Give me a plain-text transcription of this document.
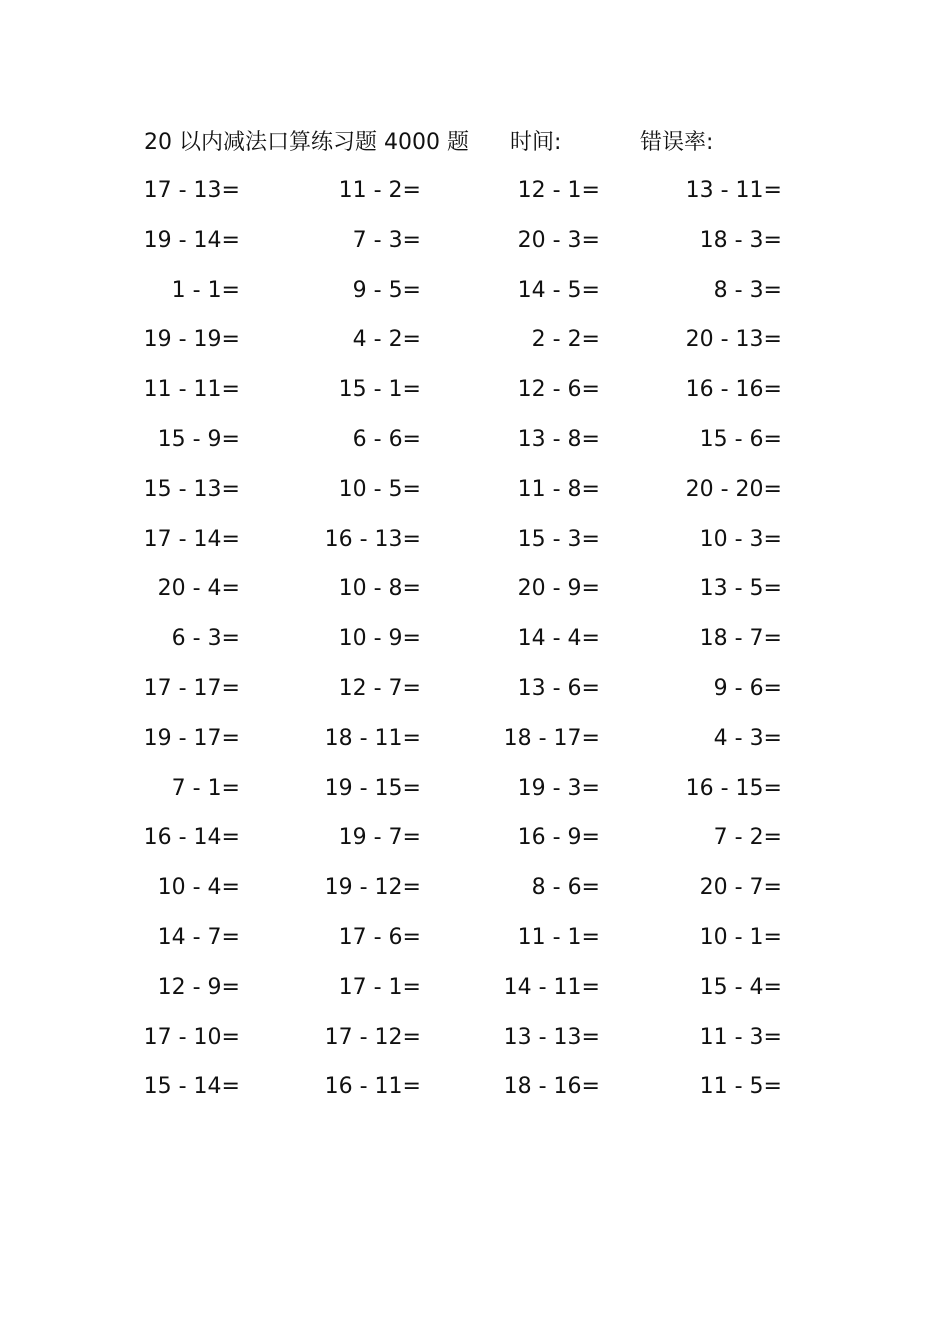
20 以内减法口算练习题 4000 题 时间:	错误率:
17 - 13=	11 - 2=	12 - 1=	13 - 11=
19 - 14=	7 - 3=	20 - 3=	18 - 3=
1 - 1=	9 - 5=	14 - 5=	8 - 3=
19 - 19=	4 - 2=	2 - 2=	20 - 13=
11 - 11=	15 - 1=	12 - 6=	16 - 16=
15 - 9=	6 - 6=	13 - 8=	15 - 6=
15 - 13=	10 - 5=	11 - 8=	20 - 20=
17 - 14=	16 - 13=	15 - 3=	10 - 3=
20 - 4=	10 - 8=	20 - 9=	13 - 5=
6 - 3=	10 - 9=	14 - 4=	18 - 7=
17 - 17=	12 - 7=	13 - 6=	9 - 6=
19 - 17=	18 - 11=	18 - 17=	4 - 3=
7 - 1=	19 - 15=	19 - 3=	16 - 15=
16 - 14=	19 - 7=	16 - 9=	7 - 2=
10 - 4=	19 - 12=	8 - 6=	20 - 7=
14 - 7=	17 - 6=	11 - 1=	10 - 1=
12 - 9=	17 - 1=	14 - 11=	15 - 4=
17 - 10=	17 - 12=	13 - 13=	11 - 3=
15 - 14=	16 - 11=	18 - 16=	11 - 5=
